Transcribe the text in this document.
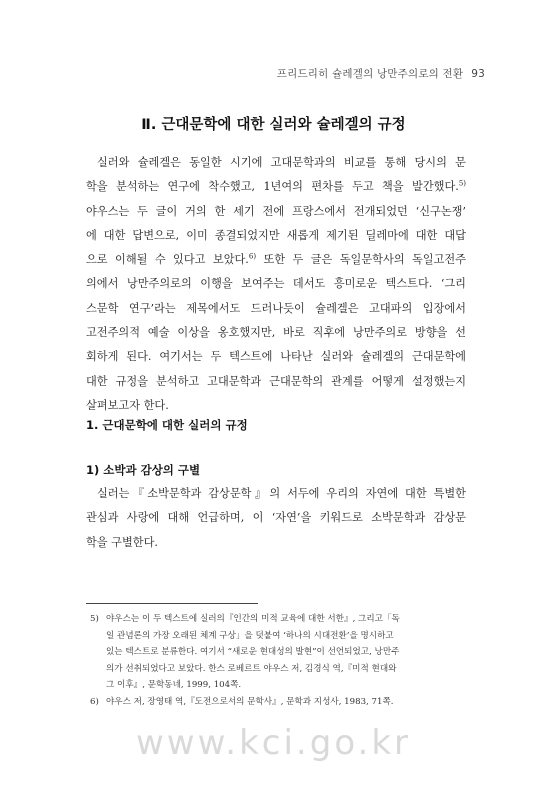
프리드리히 슐레겔의 낭만주의로의 전환 93
Ⅱ. 근대문학에 대한 실러와 슐레겔의 규정

실러와 슐레겔은 동일한 시기에 고대문학과의 비교를 통해 당시의 문
학을 분석하는 연구에 착수했고, 1년여의 편차를 두고 책을 발간했다.$^{5)}$
야우스는 두 글이 거의 한 세기 전에 프랑스에서 전개되었던 ‘신구논쟁’
에 대한 답변으로, 이미 종결되었지만 새롭게 제기된 딜레마에 대한 대답
으로 이해될 수 있다고 보았다.$^{6)}$ 또한 두 글은 독일문학사의 독일고전주
의에서 낭만주의로의 이행을 보여주는 데서도 흥미로운 텍스트다. ‘그리
스문학 연구’라는 제목에서도 드러나듯이 슐레겔은 고대파의 입장에서
고전주의적 예술 이상을 옹호했지만, 바로 직후에 낭만주의로 방향을 선
회하게 된다. 여기서는 두 텍스트에 나타난 실러와 슐레겔의 근대문학에
대한 규정을 분석하고 고대문학과 근대문학의 관계를 어떻게 설정했는지
살펴보고자 한다.

1. 근대문학에 대한 실러의 규정
1) 소박과 감상의 구별

실러는『소박문학과 감상문학』의 서두에 우리의 자연에 대한 특별한
관심과 사랑에 대해 언급하며, 이 ‘자연’을 키워드로 소박문학과 감상문
학을 구별한다.

5) 야우스는 이 두 텍스트에 실러의『인간의 미적 교육에 대한 서한』, 그리고「독
일 관념론의 가장 오래된 체계 구상」을 덧붙여 ‘하나의 시대전환’을 명시하고
있는 텍스트로 분류한다. 여기서 “새로운 현대성의 발현”이 선언되었고, 낭만주
의가 선취되었다고 보았다. 한스 로베르트 야우스 저, 김경식 역,『미적 현대와
그 이후』, 문학동네, 1999, 104쪽.
6) 야우스 저, 장영태 역,『도전으로서의 문학사』, 문학과 지성사, 1983, 71쪽.
www.kci.go.kr
